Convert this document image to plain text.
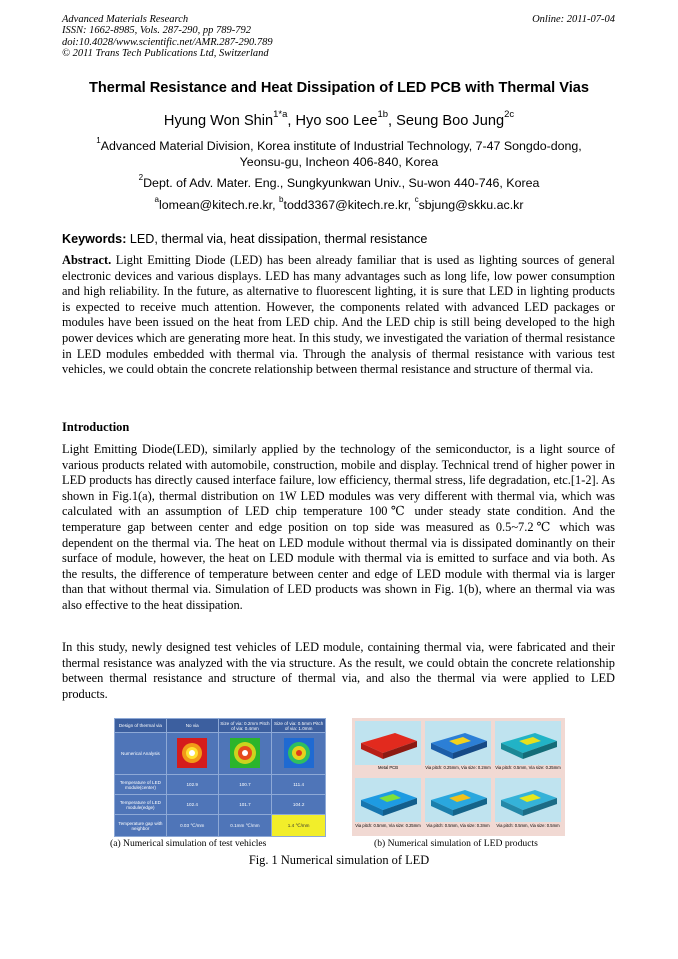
Advanced Materials Research
ISSN: 1662-8985, Vols. 287-290, pp 789-792
doi:10.4028/www.scientific.net/AMR.287-290.789
© 2011 Trans Tech Publications Ltd, Switzerland
Online: 2011-07-04
Thermal Resistance and Heat Dissipation of LED PCB with Thermal Vias
Hyung Won Shin$^{1*a}$, Hyo soo Lee$^{1b}$, Seung Boo Jung$^{2c}$
$^1$Advanced Material Division, Korea institute of Industrial Technology, 7-47 Songdo-dong,
Yeonsu-gu, Incheon 406-840, Korea
$^2$Dept. of Adv. Mater. Eng., Sungkyunkwan Univ., Su-won 440-746, Korea
$^a$lomean@kitech.re.kr, $^b$todd3367@kitech.re.kr, $^c$sbjung@skku.ac.kr
Keywords: LED, thermal via, heat dissipation, thermal resistance
Abstract. Light Emitting Diode (LED) has been already familiar that is used as lighting sources of general electronic devices and various displays. LED has many advantages such as long life, low power consumption and high reliability. In the future, as alternative to fluorescent lighting, it is sure that LED in lighting products is expected to receive much attention. However, the components related with advanced LED packages or modules have been issued on the heat from LED chip. And the LED chip is still being developed to the high power devices which are generating more heat. In this study, we investigated the variation of thermal resistance in LED modules embedded with thermal via. Through the analysis of thermal resistance with various test vehicles, we could obtain the concrete relationship between thermal resistance and structure of thermal via.
Introduction
Light Emitting Diode(LED), similarly applied by the technology of the semiconductor, is a light source of various products related with automobile, construction, mobile and display. Technical trend of higher power in LED products has directly caused interface failure, low efficiency, thermal stress, life degradation, etc.[1-2]. As shown in Fig.1(a), thermal distribution on 1W LED modules was very different with thermal via, which was calculated with an assumption of LED chip temperature 100℃ under steady state condition. And the temperature gap between center and edge position on top side was measured as 0.5~7.2℃ which was dependent on the thermal via. The heat on LED module without thermal via is dissipated dominantly on their surface of module, however, the heat on LED module with thermal via is emitted to surface and via both. As the results, the difference of temperature between center and edge of LED module with thermal via is larger than that without thermal via. Simulation of LED products was shown in Fig. 1(b), where an thermal via was also effective to the heat dissipation.
In this study, newly designed test vehicles of LED module, containing thermal via, were fabricated and their thermal resistance was analyzed with the via structure. As the result, we could obtain the concrete relationship between thermal resistance and structure of thermal via, and also the thermal via were applied to LED products.
Design of thermal via	No via	Size of via: 0.2mm Pitch of via: 0.4mm	Size of via: 0.5mm Pitch of via: 1.0mm
Numerical Analysis			
Temperature of LED module(center)	102.9	100.7	111.4
Temperature of LED module(edge)	102.4	101.7	104.2
Temperature gap with neighbor	0.03 ℃/mm	0.1mm ℃/mm	1.4 ℃/mm
Metal PCB	Via pitch: 0.25mm, Via size: 0.2mm Via pitch: 0.5mm, Via size: 0.25mm
Via pitch: 0.5mm, Via size: 0.25mm	Via pitch: 0.5mm, Via size: 0.3mm	Via pitch: 0.5mm, Via size: 0.5mm
(a) Numerical simulation of test vehicles	(b) Numerical simulation of LED products
Fig. 1 Numerical simulation of LED
